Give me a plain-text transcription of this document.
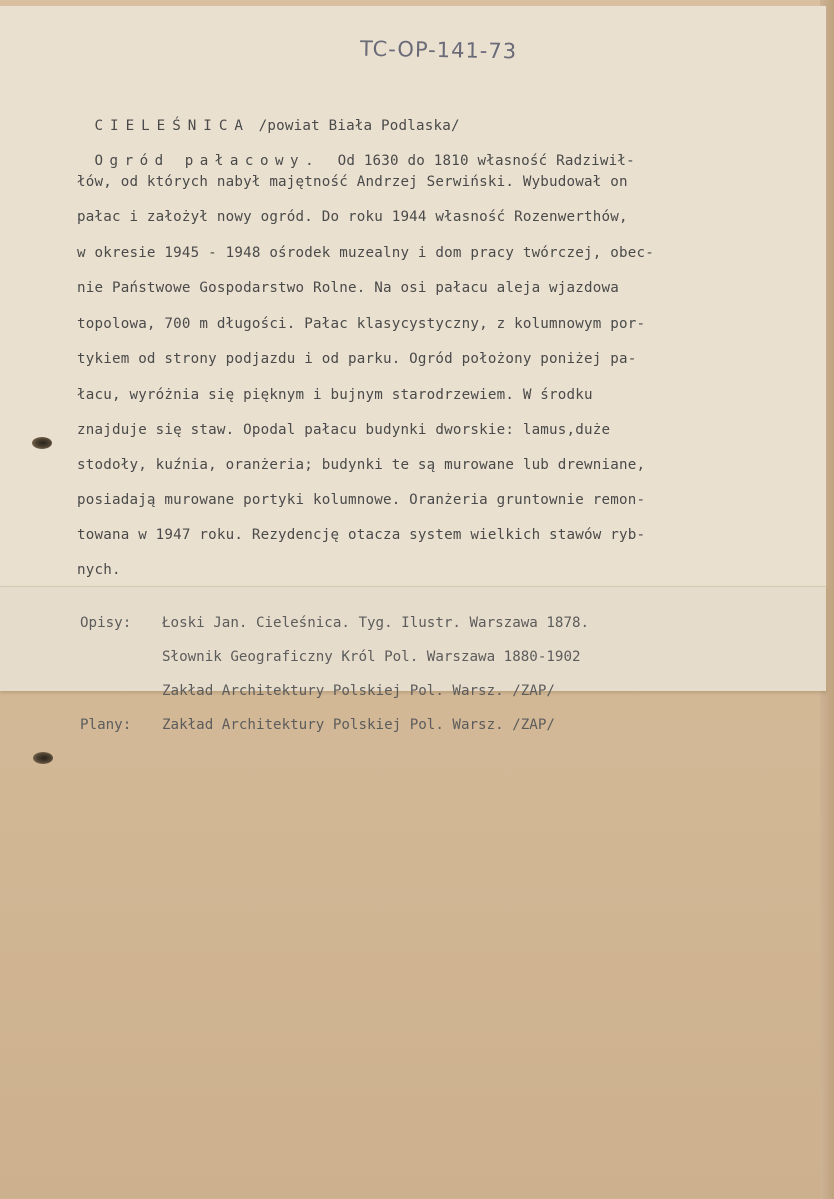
TC-OP-141-73

CIELEŚNICA /powiat Biała Podlaska/

Ogród pałacowy. Od 1630 do 1810 własność Radziwił-

łów, od których nabył majętność Andrzej Serwiński. Wybudował on
pałac i założył nowy ogród. Do roku 1944 własność Rozenwerthów,
w okresie 1945 - 1948 ośrodek muzealny i dom pracy twórczej, obec-
nie Państwowe Gospodarstwo Rolne. Na osi pałacu aleja wjazdowa
topolowa, 700 m długości. Pałac klasycystyczny, z kolumnowym por-
tykiem od strony podjazdu i od parku. Ogród położony poniżej pa-
łacu, wyróżnia się pięknym i bujnym starodrzewiem. W środku
znajduje się staw. Opodal pałacu budynki dworskie: lamus,duże
stodoły, kuźnia, oranżeria; budynki te są murowane lub drewniane,
posiadają murowane portyki kolumnowe. Oranżeria gruntownie remon-
towana w 1947 roku. Rezydencję otacza system wielkich stawów ryb-
nych.

Opisy: Łoski Jan. Cieleśnica. Tyg. Ilustr. Warszawa 1878.

Słownik Geograficzny Król Pol. Warszawa 1880-1902

Zakład Architektury Polskiej Pol. Warsz. /ZAP/

Plany: Zakład Architektury Polskiej Pol. Warsz. /ZAP/
